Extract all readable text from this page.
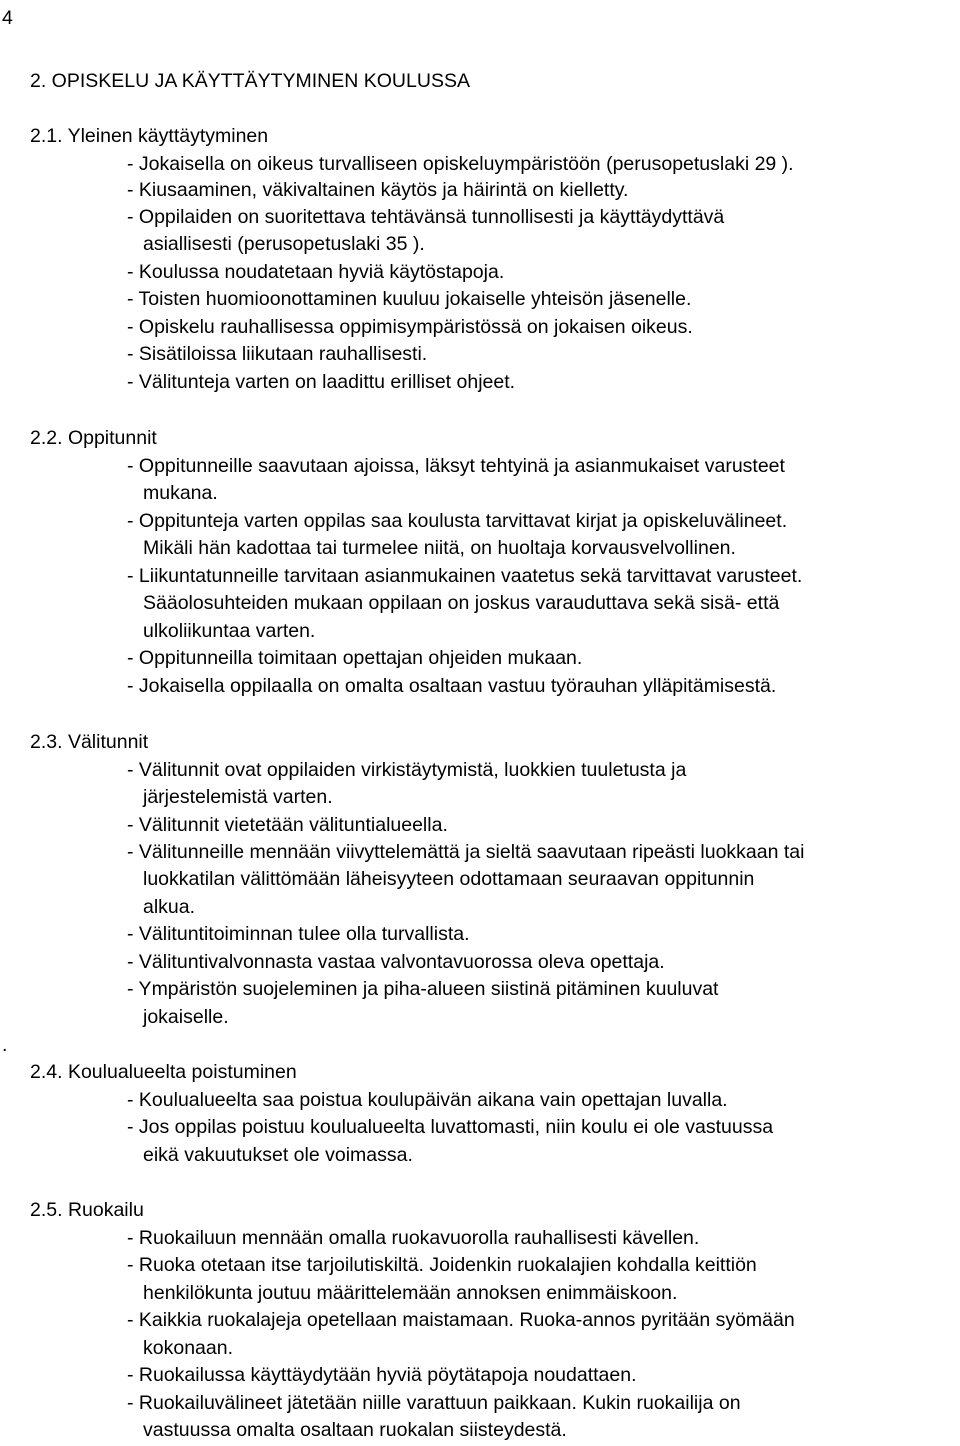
4
2. OPISKELU JA KÄYTTÄYTYMINEN KOULUSSA
2.1. Yleinen käyttäytyminen
- Jokaisella on oikeus turvalliseen opiskeluympäristöön (perusopetuslaki 29 ).
- Kiusaaminen, väkivaltainen käytös ja häirintä on kielletty.
- Oppilaiden on suoritettava tehtävänsä tunnollisesti ja käyttäydyttävä
asiallisesti (perusopetuslaki 35 ).
- Koulussa noudatetaan hyviä käytöstapoja.
- Toisten huomioonottaminen kuuluu jokaiselle yhteisön jäsenelle.
- Opiskelu rauhallisessa oppimisympäristössä on jokaisen oikeus.
- Sisätiloissa liikutaan rauhallisesti.
- Välitunteja varten on laadittu erilliset ohjeet.
2.2. Oppitunnit
- Oppitunneille saavutaan ajoissa, läksyt tehtyinä ja asianmukaiset varusteet
mukana.
- Oppitunteja varten oppilas saa koulusta tarvittavat kirjat ja opiskeluvälineet.
Mikäli hän kadottaa tai turmelee niitä, on huoltaja korvausvelvollinen.
- Liikuntatunneille tarvitaan asianmukainen vaatetus sekä tarvittavat varusteet.
Sääolosuhteiden mukaan oppilaan on joskus varauduttava sekä sisä- että
ulkoliikuntaa varten.
- Oppitunneilla toimitaan opettajan ohjeiden mukaan.
- Jokaisella oppilaalla on omalta osaltaan vastuu työrauhan ylläpitämisestä.
2.3. Välitunnit
- Välitunnit ovat oppilaiden virkistäytymistä, luokkien tuuletusta ja
järjestelemistä varten.
- Välitunnit vietetään välituntialueella.
- Välitunneille mennään viivyttelemättä ja sieltä saavutaan ripeästi luokkaan tai
luokkatilan välittömään läheisyyteen odottamaan seuraavan oppitunnin
alkua.
- Välituntitoiminnan tulee olla turvallista.
- Välituntivalvonnasta vastaa valvontavuorossa oleva opettaja.
- Ympäristön suojeleminen ja piha-alueen siistinä pitäminen kuuluvat
jokaiselle.
.
2.4. Koulualueelta poistuminen
- Koulualueelta saa poistua koulupäivän aikana vain opettajan luvalla.
- Jos oppilas poistuu koulualueelta luvattomasti, niin koulu ei ole vastuussa
eikä vakuutukset ole voimassa.
2.5. Ruokailu
- Ruokailuun mennään omalla ruokavuorolla rauhallisesti kävellen.
- Ruoka otetaan itse tarjoilutiskiltä. Joidenkin ruokalajien kohdalla keittiön
henkilökunta joutuu määrittelemään annoksen enimmäiskoon.
- Kaikkia ruokalajeja opetellaan maistamaan. Ruoka-annos pyritään syömään
kokonaan.
- Ruokailussa käyttäydytään hyviä pöytätapoja noudattaen.
- Ruokailuvälineet jätetään niille varattuun paikkaan. Kukin ruokailija on
vastuussa omalta osaltaan ruokalan siisteydestä.
